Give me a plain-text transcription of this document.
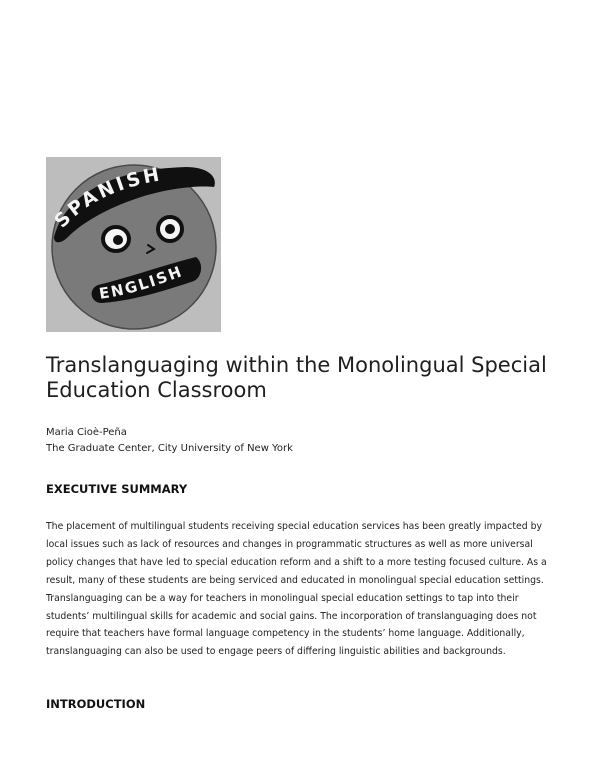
SPANISH
ENGLISH
Translanguaging within the Monolingual Special Education Classroom
Maria Cioè-Peña
The Graduate Center, City University of New York
EXECUTIVE SUMMARY

The placement of multilingual students receiving special education services has been greatly impacted by local issues such as lack of resources and changes in programmatic structures as well as more universal policy changes that have led to special education reform and a shift to a more testing focused culture. As a result, many of these students are being serviced and educated in monolingual special education settings. Translanguaging can be a way for teachers in monolingual special education settings to tap into their students’ multilingual skills for academic and social gains. The incorporation of translanguaging does not require that teachers have formal language competency in the students’ home language. Additionally, translanguaging can also be used to engage peers of differing linguistic abilities and backgrounds.

INTRODUCTION
